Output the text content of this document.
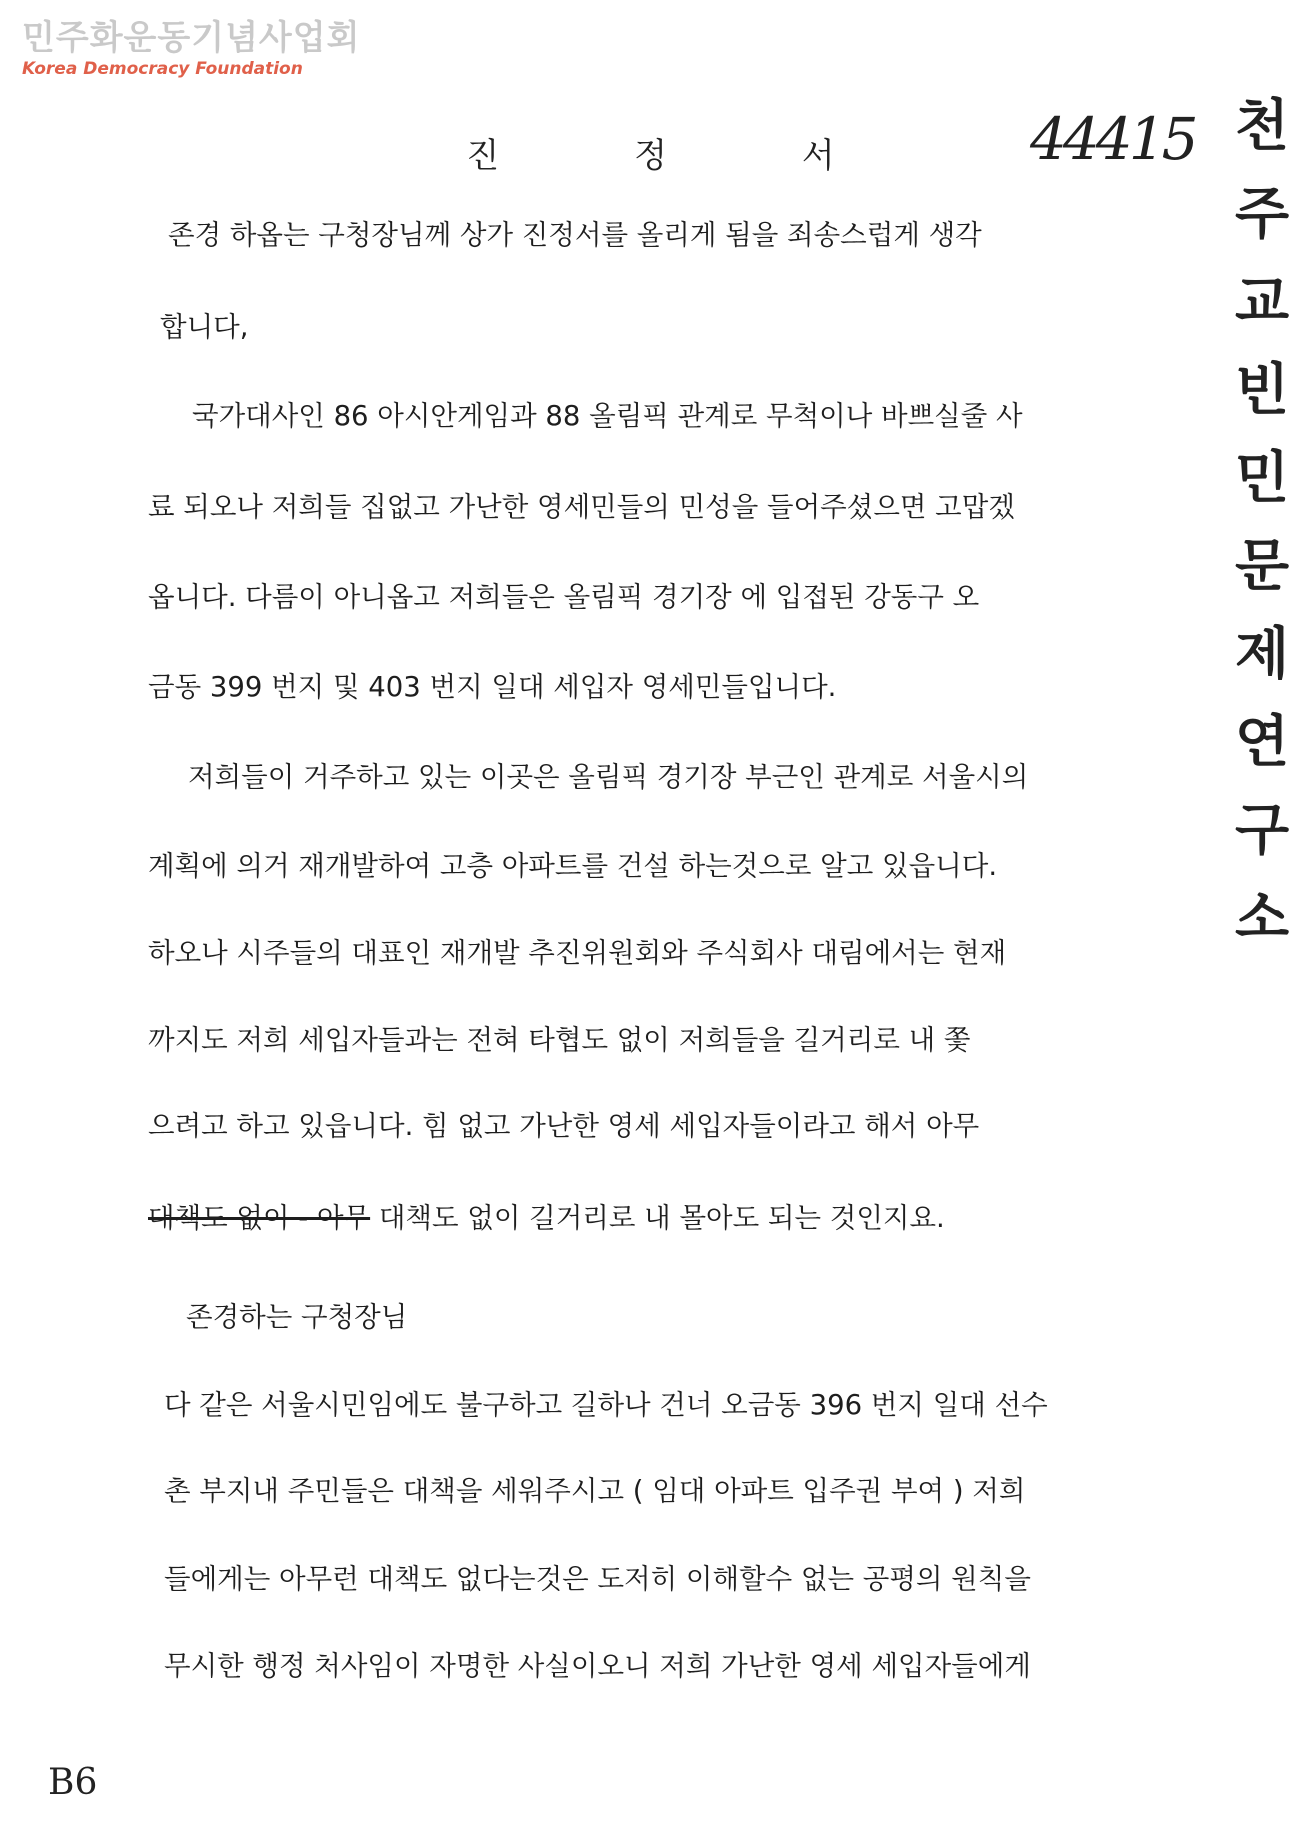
민주화운동기념사업회
Korea Democracy Foundation
44415 천
주
교
빈
민
문
제
연
구
소
진 정 서
존경 하옵는 구청장님께 상가 진정서를 올리게 됨을 죄송스럽게 생각
합니다,
국가대사인 86 아시안게임과 88 올림픽 관계로 무척이나 바쁘실줄 사
료 되오나 저희들 집없고 가난한 영세민들의 민성을 들어주셨으면 고맙겠
옵니다. 다름이 아니옵고 저희들은 올림픽 경기장 에 입접된 강동구 오
금동 399 번지 및 403 번지 일대 세입자 영세민들입니다.
저희들이 거주하고 있는 이곳은 올림픽 경기장 부근인 관계로 서울시의
계획에 의거 재개발하여 고층 아파트를 건설 하는것으로 알고 있읍니다.
하오나 시주들의 대표인 재개발 추진위원회와 주식회사 대림에서는 현재
까지도 저희 세입자들과는 전혀 타협도 없이 저희들을 길거리로 내 쫓
으려고 하고 있읍니다. 힘 없고 가난한 영세 세입자들이라고 해서 아무
대책도 없이 - 아무 대책도 없이 길거리로 내 몰아도 되는 것인지요.
존경하는 구청장님
다 같은 서울시민임에도 불구하고 길하나 건너 오금동 396 번지 일대 선수
촌 부지내 주민들은 대책을 세워주시고 ( 임대 아파트 입주권 부여 ) 저희
들에게는 아무런 대책도 없다는것은 도저히 이해할수 없는 공평의 원칙을
무시한 행정 처사임이 자명한 사실이오니 저희 가난한 영세 세입자들에게
B6
